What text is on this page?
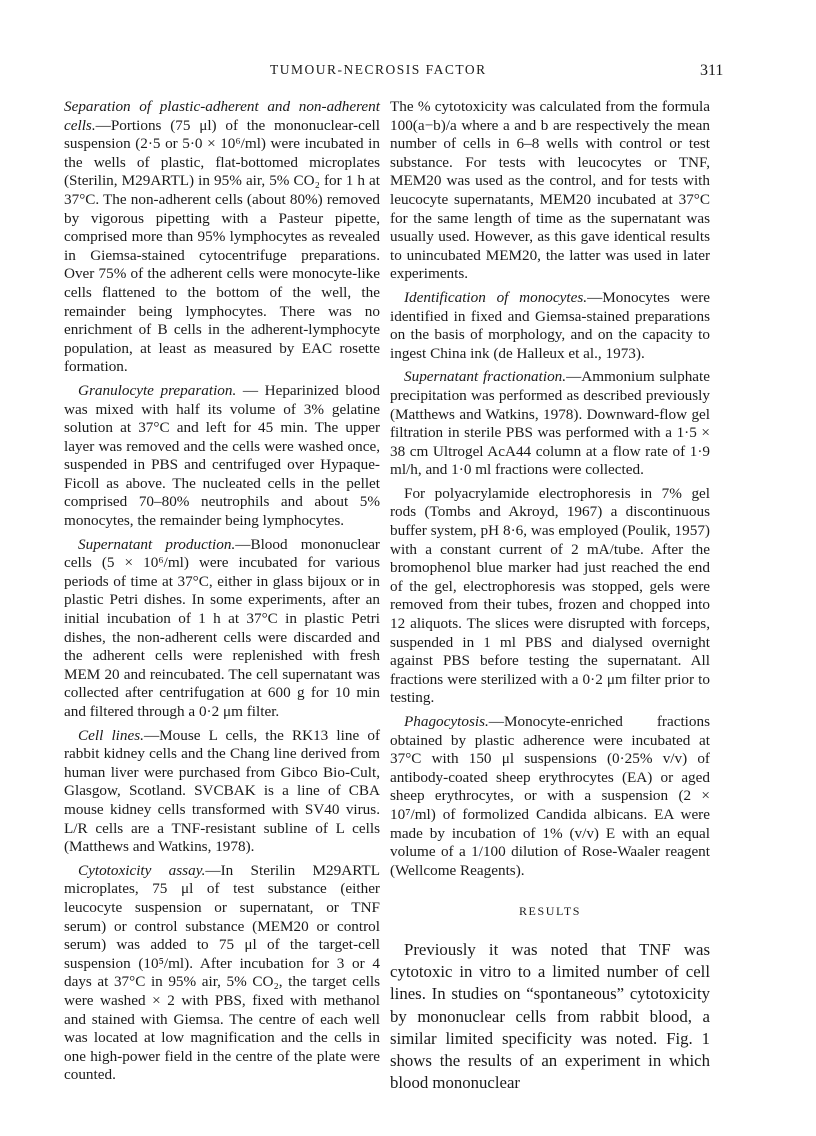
TUMOUR-NECROSIS FACTOR	311

Separation of plastic-adherent and non-adherent cells.—Portions (75 μl) of the mononuclear-cell suspension (2·5 or 5·0 × 10⁶/ml) were incubated in the wells of plastic, flat-bottomed microplates (Sterilin, M29ARTL) in 95% air, 5% CO₂ for 1 h at 37°C. The non-adherent cells (about 80%) removed by vigorous pipetting with a Pasteur pipette, comprised more than 95% lymphocytes as revealed in Giemsa-stained cytocentrifuge preparations. Over 75% of the adherent cells were monocyte-like cells flattened to the bottom of the well, the remainder being lymphocytes. There was no enrichment of B cells in the adherent-lymphocyte population, at least as measured by EAC rosette formation.

Granulocyte preparation. — Heparinized blood was mixed with half its volume of 3% gelatine solution at 37°C and left for 45 min. The upper layer was removed and the cells were washed once, suspended in PBS and centrifuged over Hypaque-Ficoll as above. The nucleated cells in the pellet comprised 70–80% neutrophils and about 5% monocytes, the remainder being lymphocytes.

Supernatant production.—Blood mononuclear cells (5 × 10⁶/ml) were incubated for various periods of time at 37°C, either in glass bijoux or in plastic Petri dishes. In some experiments, after an initial incubation of 1 h at 37°C in plastic Petri dishes, the non-adherent cells were discarded and the adherent cells were replenished with fresh MEM 20 and reincubated. The cell supernatant was collected after centrifugation at 600 g for 10 min and filtered through a 0·2 μm filter.

Cell lines.—Mouse L cells, the RK13 line of rabbit kidney cells and the Chang line derived from human liver were purchased from Gibco Bio-Cult, Glasgow, Scotland. SVCBAK is a line of CBA mouse kidney cells transformed with SV40 virus. L/R cells are a TNF-resistant subline of L cells (Matthews and Watkins, 1978).

Cytotoxicity assay.—In Sterilin M29ARTL microplates, 75 μl of test substance (either leucocyte suspension or supernatant, or TNF serum) or control substance (MEM20 or control serum) was added to 75 μl of the target-cell suspension (10⁵/ml). After incubation for 3 or 4 days at 37°C in 95% air, 5% CO₂, the target cells were washed × 2 with PBS, fixed with methanol and stained with Giemsa. The centre of each well was located at low magnification and the cells in one high-power field in the centre of the plate were counted.

The % cytotoxicity was calculated from the formula 100(a−b)/a where a and b are respectively the mean number of cells in 6–8 wells with control or test substance. For tests with leucocytes or TNF, MEM20 was used as the control, and for tests with leucocyte supernatants, MEM20 incubated at 37°C for the same length of time as the supernatant was usually used. However, as this gave identical results to unincubated MEM20, the latter was used in later experiments.

Identification of monocytes.—Monocytes were identified in fixed and Giemsa-stained preparations on the basis of morphology, and on the capacity to ingest China ink (de Halleux et al., 1973).

Supernatant fractionation.—Ammonium sulphate precipitation was performed as described previously (Matthews and Watkins, 1978). Downward-flow gel filtration in sterile PBS was performed with a 1·5 × 38 cm Ultrogel AcA44 column at a flow rate of 1·9 ml/h, and 1·0 ml fractions were collected.

For polyacrylamide electrophoresis in 7% gel rods (Tombs and Akroyd, 1967) a discontinuous buffer system, pH 8·6, was employed (Poulik, 1957) with a constant current of 2 mA/tube. After the bromophenol blue marker had just reached the end of the gel, electrophoresis was stopped, gels were removed from their tubes, frozen and chopped into 12 aliquots. The slices were disrupted with forceps, suspended in 1 ml PBS and dialysed overnight against PBS before testing the supernatant. All fractions were sterilized with a 0·2 μm filter prior to testing.

Phagocytosis.—Monocyte-enriched fractions obtained by plastic adherence were incubated at 37°C with 150 μl suspensions (0·25% v/v) of antibody-coated sheep erythrocytes (EA) or aged sheep erythrocytes, or with a suspension (2 × 10⁷/ml) of formolized Candida albicans. EA were made by incubation of 1% (v/v) E with an equal volume of a 1/100 dilution of Rose-Waaler reagent (Wellcome Reagents).

RESULTS

Previously it was noted that TNF was cytotoxic in vitro to a limited number of cell lines. In studies on “spontaneous” cytotoxicity by mononuclear cells from rabbit blood, a similar limited specificity was noted. Fig. 1 shows the results of an experiment in which blood mononuclear
